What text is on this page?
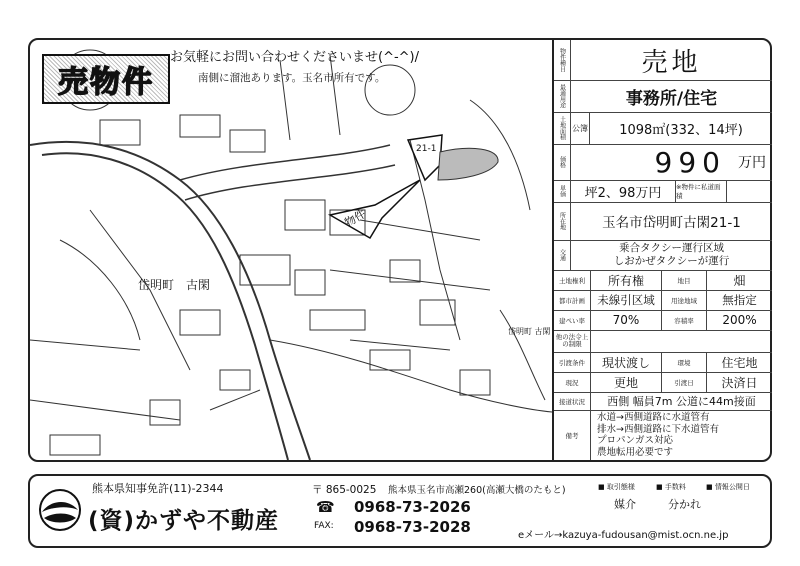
岱明町　古閑
岱明町 古閑
21-1
物件
売物件
お気軽にお問い合わせくださいませ(^-^)/
南側に溜池あります。玉名市所有です。
物件種目	売地
最適用途	事務所/住宅
土地面積 公簿	1098㎡(332、14坪)
価格	990 万円
単価	坪2、98万円	※物件に私道面積
所在地	玉名市岱明町古閑21-1
交通
乗合タクシー運行区域
しおかぜタクシーが運行
土地権利	所有権	地目	畑
都市計画	未線引区域	用途地域	無指定
建ぺい率	70%	容積率	200%
他の法令上の制限
引渡条件	現状渡し	環境	住宅地
現況	更地	引渡日	決済日
接道状況	西側 幅員7m 公道に44m接面
備考
水道→西側道路に水道管有
排水→西側道路に下水道管有
プロパンガス対応
農地転用必要です
熊本県知事免許(11)-2344
(資)かずや不動産
〒 865-0025 熊本県玉名市高瀬260(高瀬大橋のたもと)
☎ 0968-73-2026
FAX: 0968-73-2028	eメール→kazuya-fudousan@mist.ocn.ne.jp
■ 取引態様
媒介
■ 手数料
分かれ
■ 情報公開日
